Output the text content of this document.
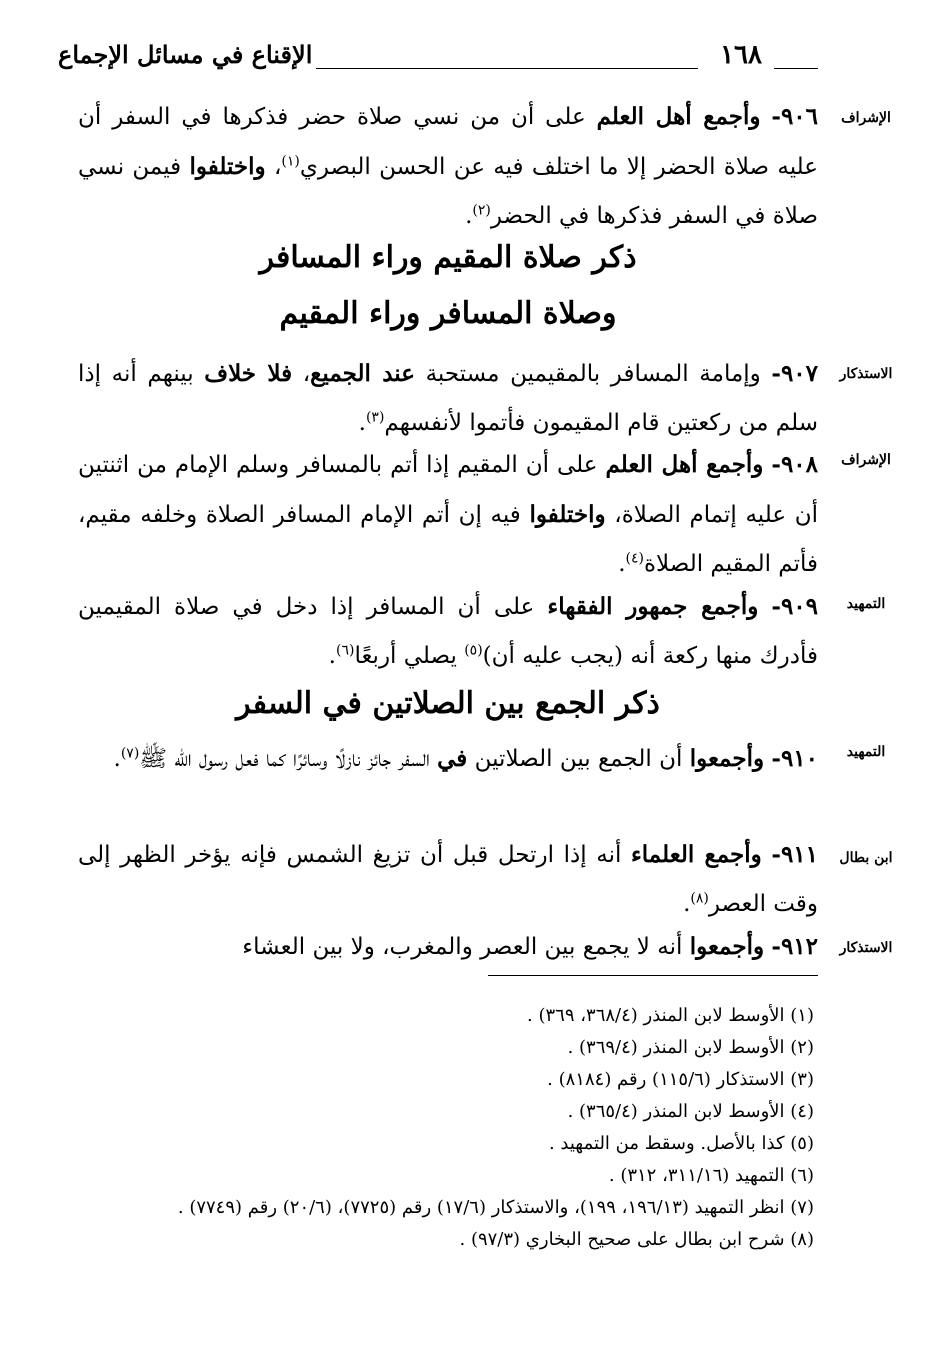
١٦٨
الإقناع في مسائل الإجماع
الإشراف
٩٠٦- وأجمع أهل العلم على أن من نسي صلاة حضر فذكرها في السفر أن عليه صلاة الحضر إلا ما اختلف فيه عن الحسن البصري$^{(١)}$، واختلفوا فيمن نسي صلاة في السفر فذكرها في الحضر$^{(٢)}$.
ذكر صلاة المقيم وراء المسافر
وصلاة المسافر وراء المقيم
الاستذكار
٩٠٧- وإمامة المسافر بالمقيمين مستحبة عند الجميع، فلا خلاف بينهم أنه إذا سلم من ركعتين قام المقيمون فأتموا لأنفسهم$^{(٣)}$.
الإشراف
٩٠٨- وأجمع أهل العلم على أن المقيم إذا أتم بالمسافر وسلم الإمام من اثنتين أن عليه إتمام الصلاة، واختلفوا فيه إن أتم الإمام المسافر الصلاة وخلفه مقيم، فأتم المقيم الصلاة$^{(٤)}$.
التمهيد
٩٠٩- وأجمع جمهور الفقهاء على أن المسافر إذا دخل في صلاة المقيمين فأدرك منها ركعة أنه (يجب عليه أن)$^{(٥)}$ يصلي أربعًا$^{(٦)}$.
ذكر الجمع بين الصلاتين في السفر
التمهيد
٩١٠- وأجمعوا أن الجمع بين الصلاتين في السفر جائز نازلًا وسائرًا كما فعل رسول الله ﷺ$^{(٧)}$.
ابن بطال
٩١١- وأجمع العلماء أنه إذا ارتحل قبل أن تزيغ الشمس فإنه يؤخر الظهر إلى وقت العصر$^{(٨)}$.
الاستذكار
٩١٢- وأجمعوا أنه لا يجمع بين العصر والمغرب، ولا بين العشاء
(١) الأوسط لابن المنذر (٣٦٨/٤، ٣٦٩) .
(٢) الأوسط لابن المنذر (٣٦٩/٤) .
(٣) الاستذكار (١١٥/٦) رقم (٨١٨٤) .
(٤) الأوسط لابن المنذر (٣٦٥/٤) .
(٥) كذا بالأصل. وسقط من التمهيد .
(٦) التمهيد (٣١١/١٦، ٣١٢) .
(٧) انظر التمهيد (١٩٦/١٣، ١٩٩)، والاستذكار (١٧/٦) رقم (٧٧٢٥)، (٢٠/٦) رقم (٧٧٤٩) .
(٨) شرح ابن بطال على صحيح البخاري (٩٧/٣) .
